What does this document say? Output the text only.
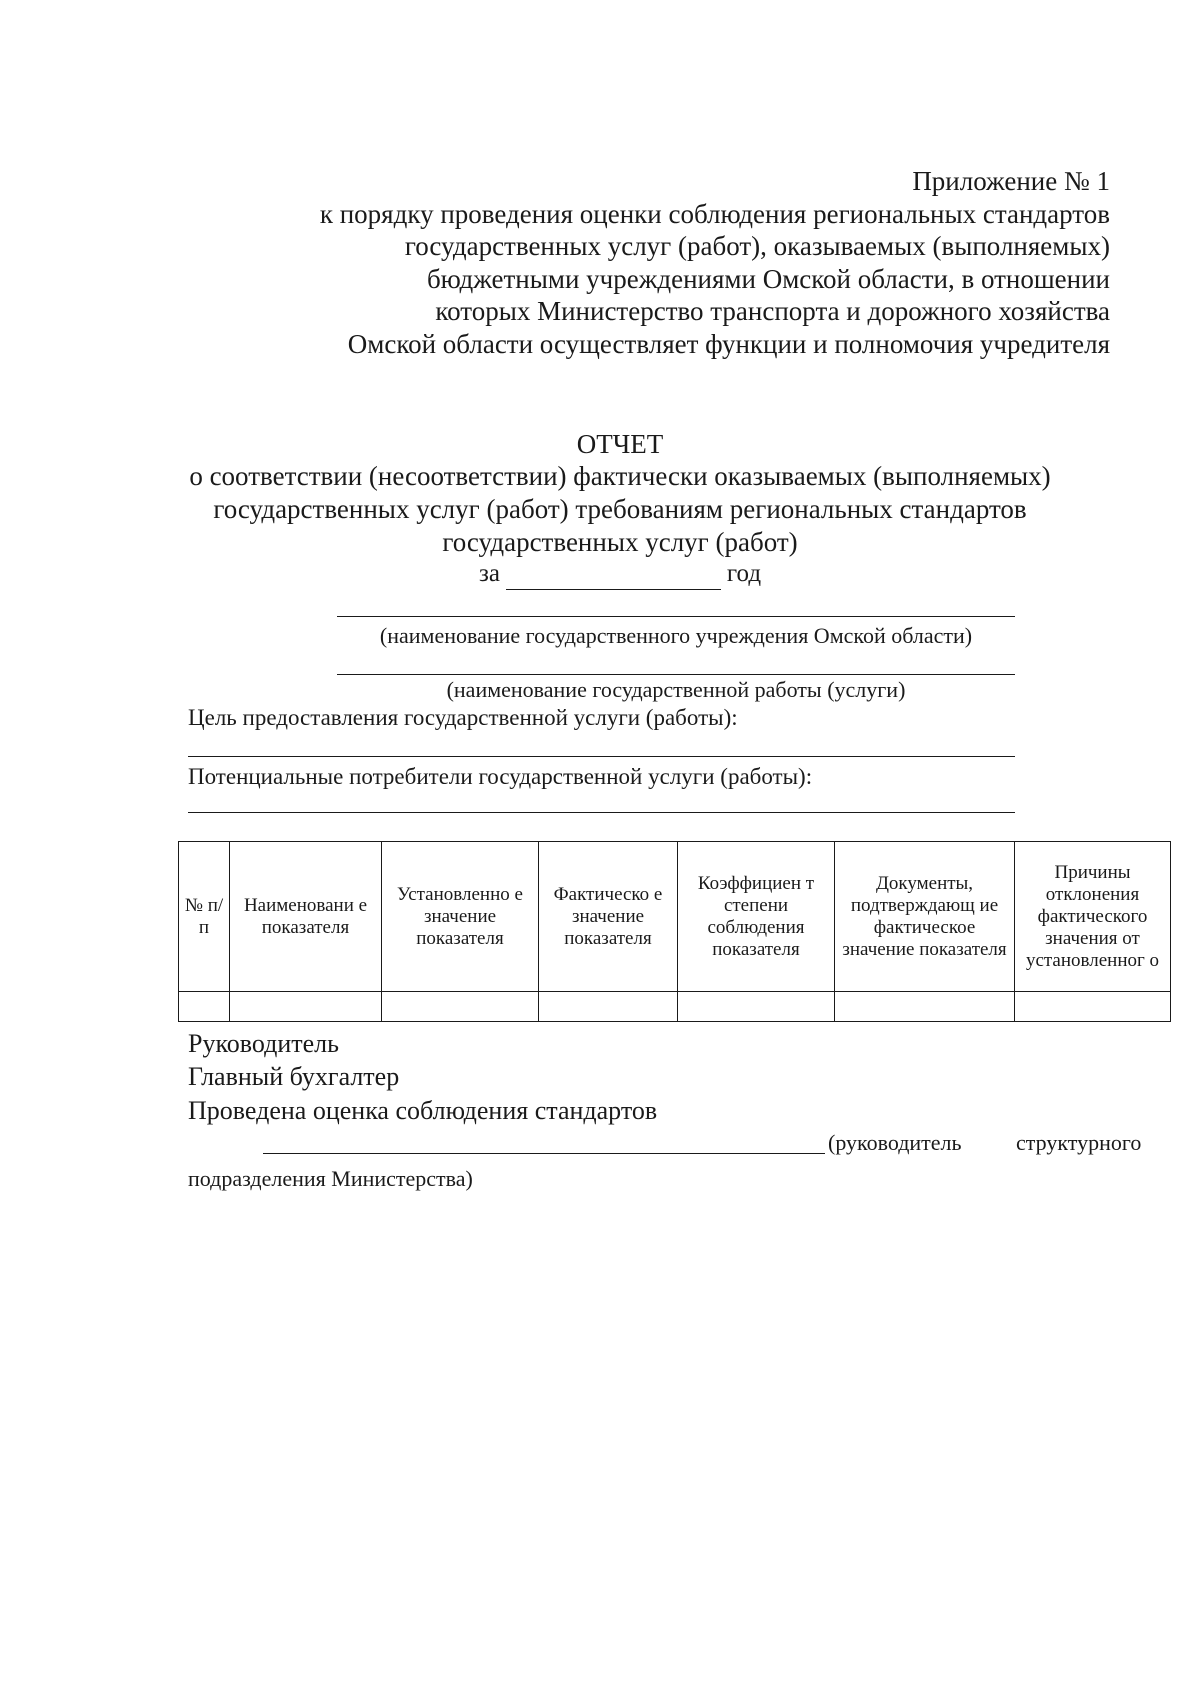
Приложение № 1
к порядку проведения оценки соблюдения региональных стандартов
государственных услуг (работ), оказываемых (выполняемых)
бюджетными учреждениями Омской области, в отношении
которых Министерство транспорта и дорожного хозяйства
Омской области осуществляет функции и полномочия учредителя
ОТЧЕТ
о соответствии (несоответствии) фактически оказываемых (выполняемых)
государственных услуг (работ) требованиям региональных стандартов
государственных услуг (работ)
за	год
(наименование государственного учреждения Омской области)
(наименование государственной работы (услуги)
Цель предоставления государственной услуги (работы):
Потенциальные потребители государственной услуги (работы):
№ п/п	Наименовани е показателя	Установленно е значение показателя	Фактическо е значение показателя	Коэффициен т степени соблюдения показателя	Документы, подтверждающ ие фактическое значение показателя	Причины отклонения фактического значения от установленног о

Руководитель
Главный бухгалтер
Проведена оценка соблюдения стандартов
(руководитель структурного
подразделения Министерства)
